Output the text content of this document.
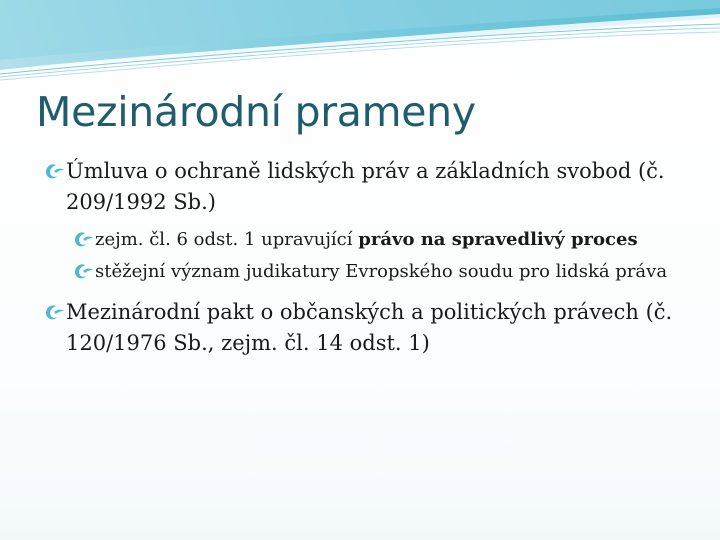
Mezinárodní prameny

Úmluva o ochraně lidských práv a základních svobod (č. 209/1992 Sb.)

zejm. čl. 6 odst. 1 upravující právo na spravedlivý proces

stěžejní význam judikatury Evropského soudu pro lidská práva

Mezinárodní pakt o občanských a politických právech (č. 120/1976 Sb., zejm. čl. 14 odst. 1)
